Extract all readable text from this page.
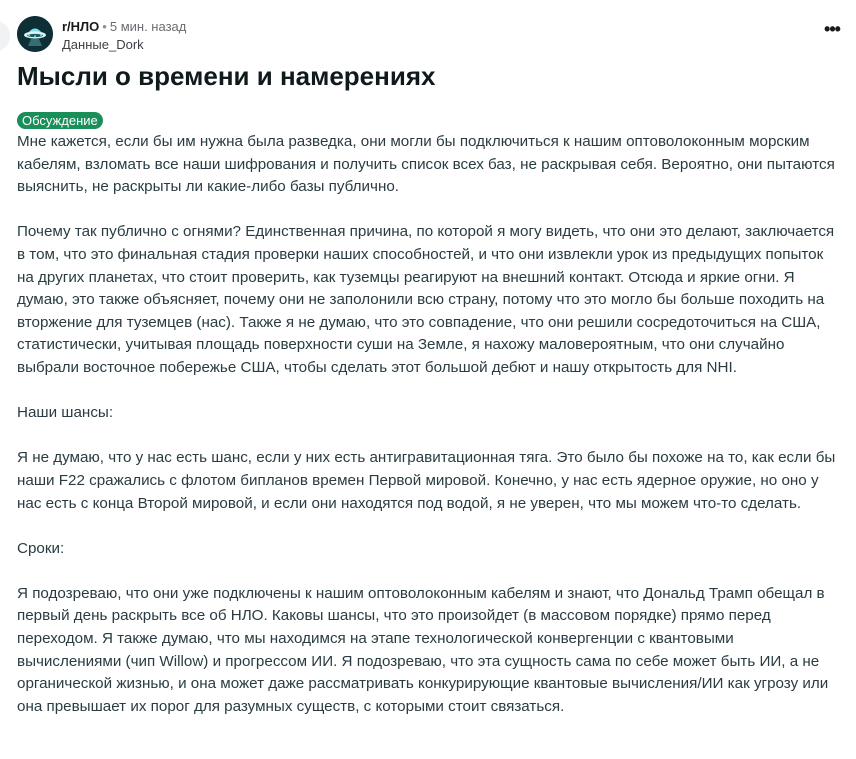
r/НЛО • 5 мин. назад
Данные_Dork
•••
Мысли о времени и намерениях
Обсуждение

Мне кажется, если бы им нужна была разведка, они могли бы подключиться к нашим оптоволоконным морским кабелям, взломать все наши шифрования и получить список всех баз, не раскрывая себя. Вероятно, они пытаются выяснить, не раскрыты ли какие-либо базы публично.

Почему так публично с огнями? Единственная причина, по которой я могу видеть, что они это делают, заключается в том, что это финальная стадия проверки наших способностей, и что они извлекли урок из предыдущих попыток на других планетах, что стоит проверить, как туземцы реагируют на внешний контакт. Отсюда и яркие огни. Я думаю, это также объясняет, почему они не заполонили всю страну, потому что это могло бы больше походить на вторжение для туземцев (нас). Также я не думаю, что это совпадение, что они решили сосредоточиться на США, статистически, учитывая площадь поверхности суши на Земле, я нахожу маловероятным, что они случайно выбрали восточное побережье США, чтобы сделать этот большой дебют и нашу открытость для NHI.

Наши шансы:

Я не думаю, что у нас есть шанс, если у них есть антигравитационная тяга. Это было бы похоже на то, как если бы наши F22 сражались с флотом бипланов времен Первой мировой. Конечно, у нас есть ядерное оружие, но оно у нас есть с конца Второй мировой, и если они находятся под водой, я не уверен, что мы можем что-то сделать.

Сроки:

Я подозреваю, что они уже подключены к нашим оптоволоконным кабелям и знают, что Дональд Трамп обещал в первый день раскрыть все об НЛО. Каковы шансы, что это произойдет (в массовом порядке) прямо перед переходом. Я также думаю, что мы находимся на этапе технологической конвергенции с квантовыми вычислениями (чип Willow) и прогрессом ИИ. Я подозреваю, что эта сущность сама по себе может быть ИИ, а не органической жизнью, и она может даже рассматривать конкурирующие квантовые вычисления/ИИ как угрозу или она превышает их порог для разумных существ, с которыми стоит связаться.
